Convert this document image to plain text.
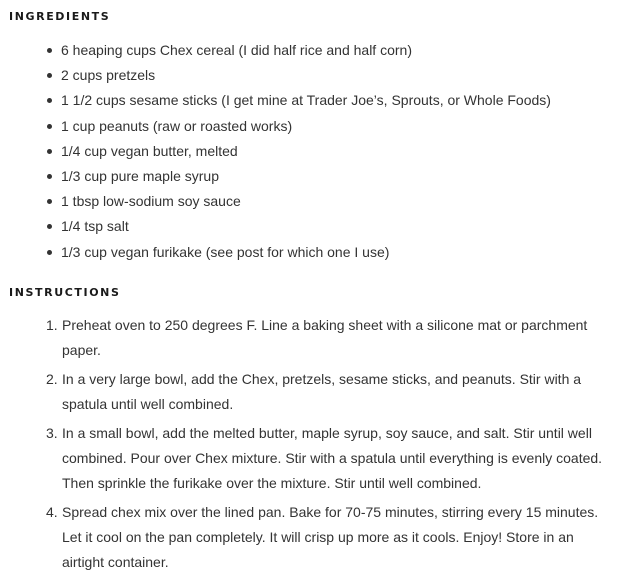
INGREDIENTS
6 heaping cups Chex cereal (I did half rice and half corn)
2 cups pretzels
1 1/2 cups sesame sticks (I get mine at Trader Joe’s, Sprouts, or Whole Foods)
1 cup peanuts (raw or roasted works)
1/4 cup vegan butter, melted
1/3 cup pure maple syrup
1 tbsp low-sodium soy sauce
1/4 tsp salt
1/3 cup vegan furikake (see post for which one I use)
INSTRUCTIONS
1. Preheat oven to 250 degrees F. Line a baking sheet with a silicone mat or parchment paper.
2. In a very large bowl, add the Chex, pretzels, sesame sticks, and peanuts. Stir with a spatula until well combined.
3. In a small bowl, add the melted butter, maple syrup, soy sauce, and salt. Stir until well combined. Pour over Chex mixture. Stir with a spatula until everything is evenly coated. Then sprinkle the furikake over the mixture. Stir until well combined.
4. Spread chex mix over the lined pan. Bake for 70-75 minutes, stirring every 15 minutes. Let it cool on the pan completely. It will crisp up more as it cools. Enjoy! Store in an airtight container.
